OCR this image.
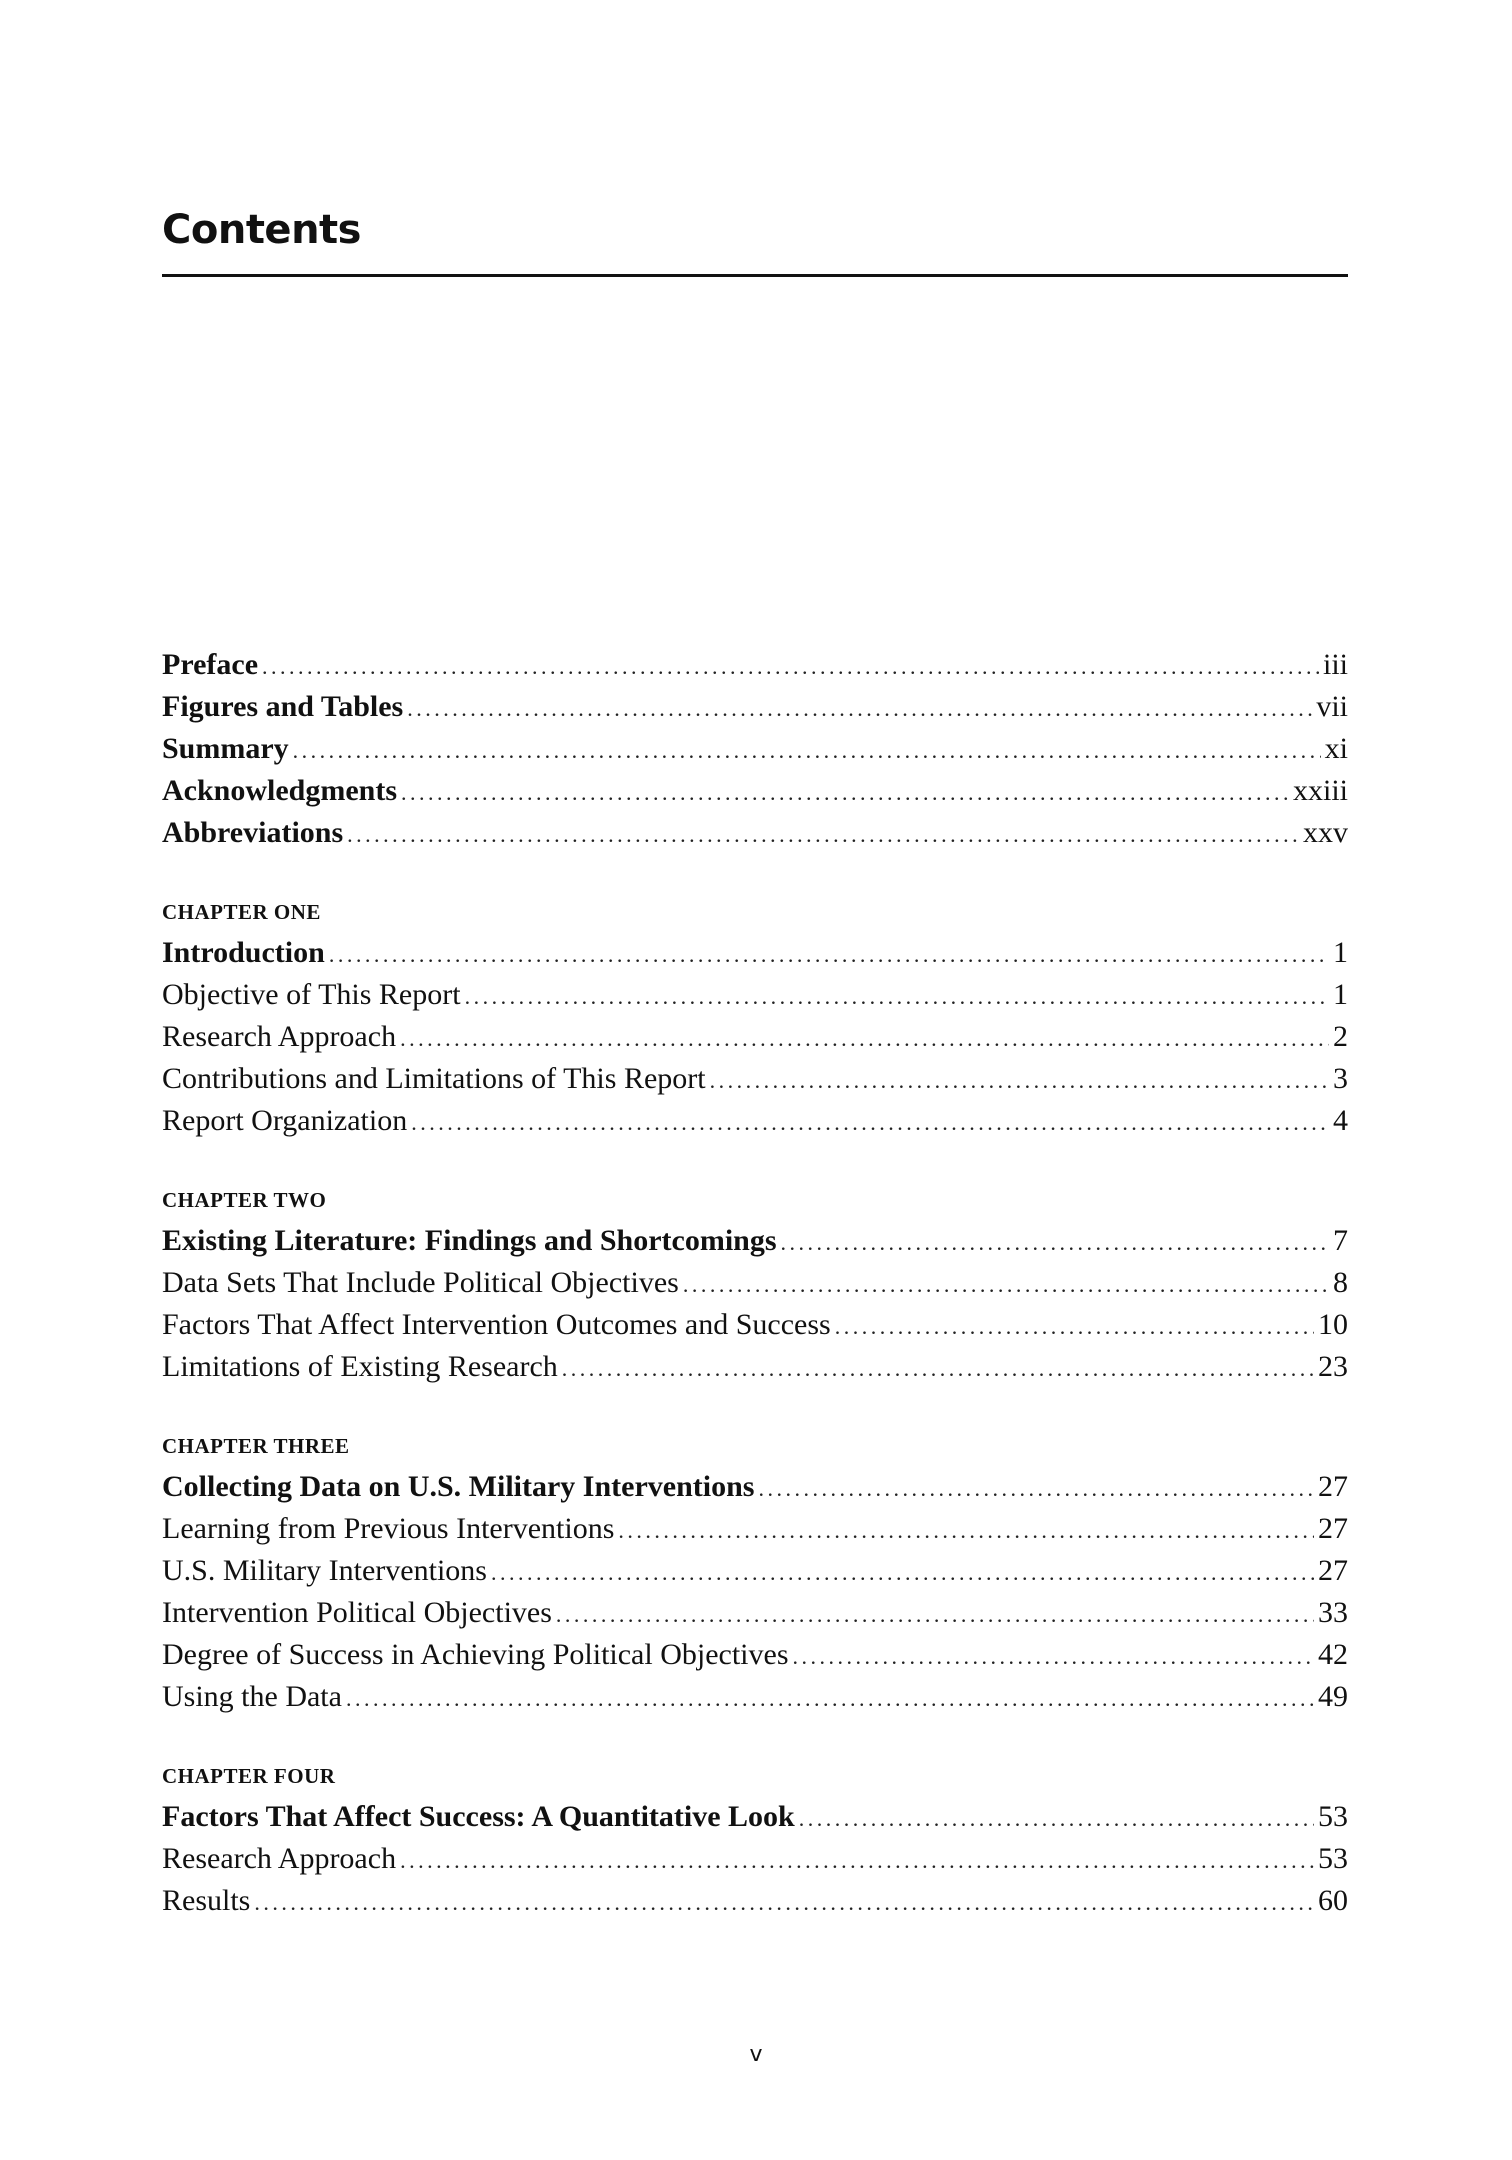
Contents
Preface . . .	iii
Figures and Tables . . .	vii
Summary . . .	xi
Acknowledgments . . .	xxiii
Abbreviations . . .	xxv
CHAPTER ONE
Introduction . . .	1
Objective of This Report . . .	1
Research Approach . . .	2
Contributions and Limitations of This Report . . .	3
Report Organization . . .	4
CHAPTER TWO
Existing Literature: Findings and Shortcomings . . .	7
Data Sets That Include Political Objectives . . .	8
Factors That Affect Intervention Outcomes and Success . . .	10
Limitations of Existing Research . . .	23
CHAPTER THREE
Collecting Data on U.S. Military Interventions . . .	27
Learning from Previous Interventions . . .	27
U.S. Military Interventions . . .	27
Intervention Political Objectives . . .	33
Degree of Success in Achieving Political Objectives . . .	42
Using the Data . . .	49
CHAPTER FOUR
Factors That Affect Success: A Quantitative Look . . .	53
Research Approach . . .	53
Results . . .	60
v
